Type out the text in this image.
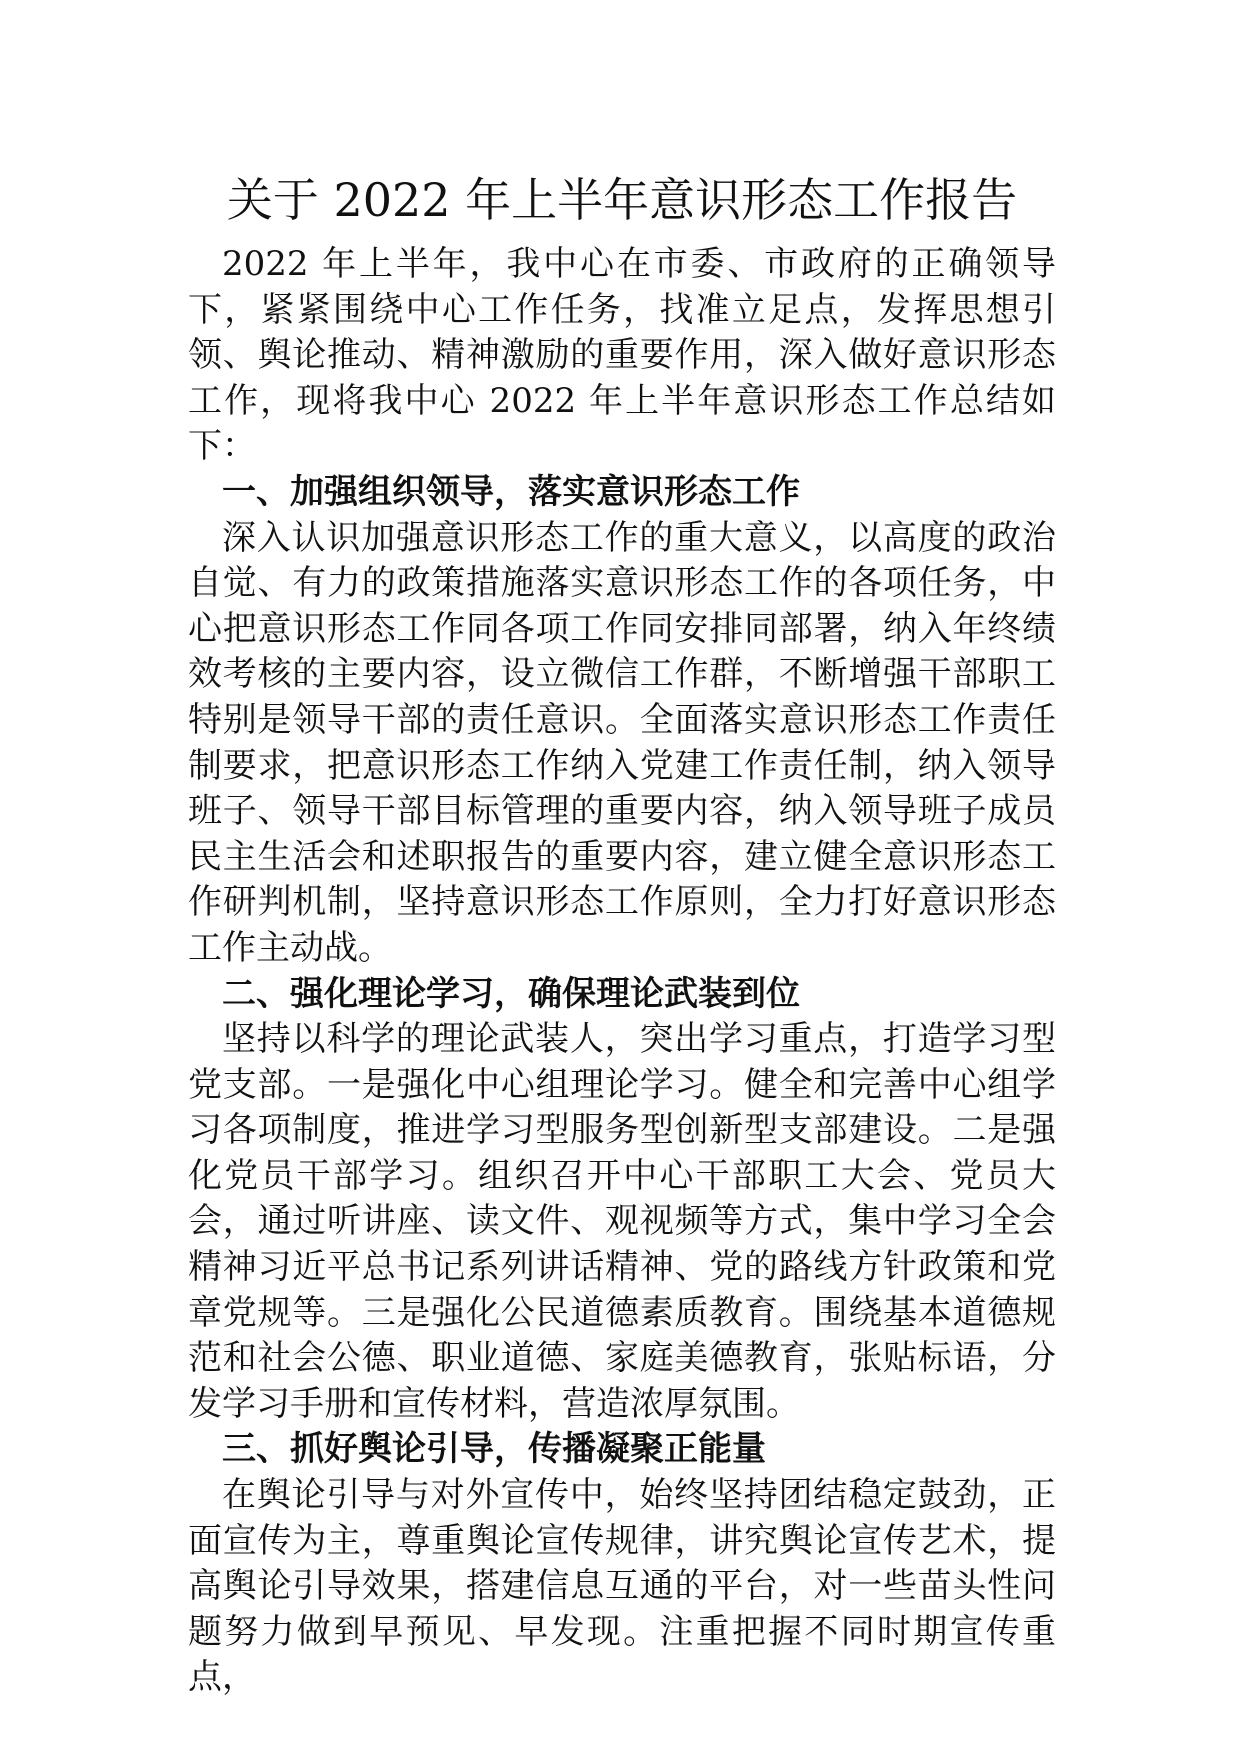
关于 2022 年上半年意识形态工作报告

2022 年上半年，我中心在市委、市政府的正确领导下，紧紧围绕中心工作任务，找准立足点，发挥思想引领、舆论推动、精神激励的重要作用，深入做好意识形态工作，现将我中心 2022 年上半年意识形态工作总结如下：

一、加强组织领导，落实意识形态工作

深入认识加强意识形态工作的重大意义，以高度的政治自觉、有力的政策措施落实意识形态工作的各项任务，中心把意识形态工作同各项工作同安排同部署，纳入年终绩效考核的主要内容，设立微信工作群，不断增强干部职工特别是领导干部的责任意识。全面落实意识形态工作责任制要求，把意识形态工作纳入党建工作责任制，纳入领导班子、领导干部目标管理的重要内容，纳入领导班子成员民主生活会和述职报告的重要内容，建立健全意识形态工作研判机制，坚持意识形态工作原则，全力打好意识形态工作主动战。

二、强化理论学习，确保理论武装到位

坚持以科学的理论武装人，突出学习重点，打造学习型党支部。一是强化中心组理论学习。健全和完善中心组学习各项制度，推进学习型服务型创新型支部建设。二是强化党员干部学习。组织召开中心干部职工大会、党员大会，通过听讲座、读文件、观视频等方式，集中学习全会精神习近平总书记系列讲话精神、党的路线方针政策和党章党规等。三是强化公民道德素质教育。围绕基本道德规范和社会公德、职业道德、家庭美德教育，张贴标语，分发学习手册和宣传材料，营造浓厚氛围。

三、抓好舆论引导，传播凝聚正能量

在舆论引导与对外宣传中，始终坚持团结稳定鼓劲，正面宣传为主，尊重舆论宣传规律，讲究舆论宣传艺术，提高舆论引导效果，搭建信息互通的平台，对一些苗头性问题努力做到早预见、早发现。注重把握不同时期宣传重点，
